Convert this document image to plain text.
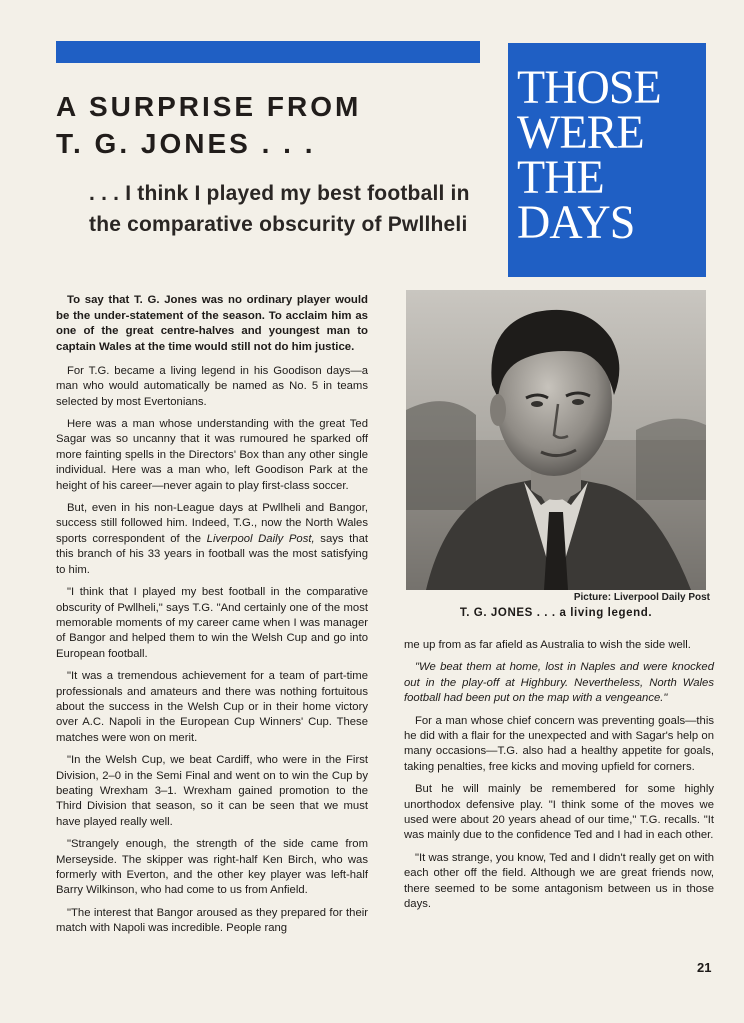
A SURPRISE FROM
T. G. JONES . . .
. . . I think I played my best football in
the comparative obscurity of Pwllheli
THOSE
WERE
THE
DAYS

To say that T. G. Jones was no ordinary player would be the under-statement of the season. To acclaim him as one of the great centre-halves and youngest man to captain Wales at the time would still not do him justice.

For T.G. became a living legend in his Goodison days—a man who would automatically be named as No. 5 in teams selected by most Evertonians.

Here was a man whose understanding with the great Ted Sagar was so uncanny that it was rumoured he sparked off more fainting spells in the Directors' Box than any other single individual. Here was a man who, left Goodison Park at the height of his career—never again to play first-class soccer.

But, even in his non-League days at Pwllheli and Bangor, success still followed him. Indeed, T.G., now the North Wales sports correspondent of the Liverpool Daily Post, says that this branch of his 33 years in football was the most satisfying to him.

"I think that I played my best football in the comparative obscurity of Pwllheli," says T.G. "And certainly one of the most memorable moments of my career came when I was manager of Bangor and helped them to win the Welsh Cup and go into European football.

"It was a tremendous achievement for a team of part-time professionals and amateurs and there was nothing fortuitous about the success in the Welsh Cup or in their home victory over A.C. Napoli in the European Cup Winners' Cup. These matches were won on merit.

"In the Welsh Cup, we beat Cardiff, who were in the First Division, 2–0 in the Semi Final and went on to win the Cup by beating Wrexham 3–1. Wrexham gained promotion to the Third Division that season, so it can be seen that we must have played really well.

"Strangely enough, the strength of the side came from Merseyside. The skipper was right-half Ken Birch, who was formerly with Everton, and the other key player was left-half Barry Wilkinson, who had come to us from Anfield.

"The interest that Bangor aroused as they prepared for their match with Napoli was incredible. People rang

Picture: Liverpool Daily Post
T. G. JONES . . . a living legend.

me up from as far afield as Australia to wish the side well.

"We beat them at home, lost in Naples and were knocked out in the play-off at Highbury. Nevertheless, North Wales football had been put on the map with a vengeance."

For a man whose chief concern was preventing goals—this he did with a flair for the unexpected and with Sagar's help on many occasions—T.G. also had a healthy appetite for goals, taking penalties, free kicks and moving upfield for corners.

But he will mainly be remembered for some highly unorthodox defensive play. "I think some of the moves we used were about 20 years ahead of our time," T.G. recalls. "It was mainly due to the confidence Ted and I had in each other.

"It was strange, you know, Ted and I didn't really get on with each other off the field. Although we are great friends now, there seemed to be some antagonism between us in those days.

21
